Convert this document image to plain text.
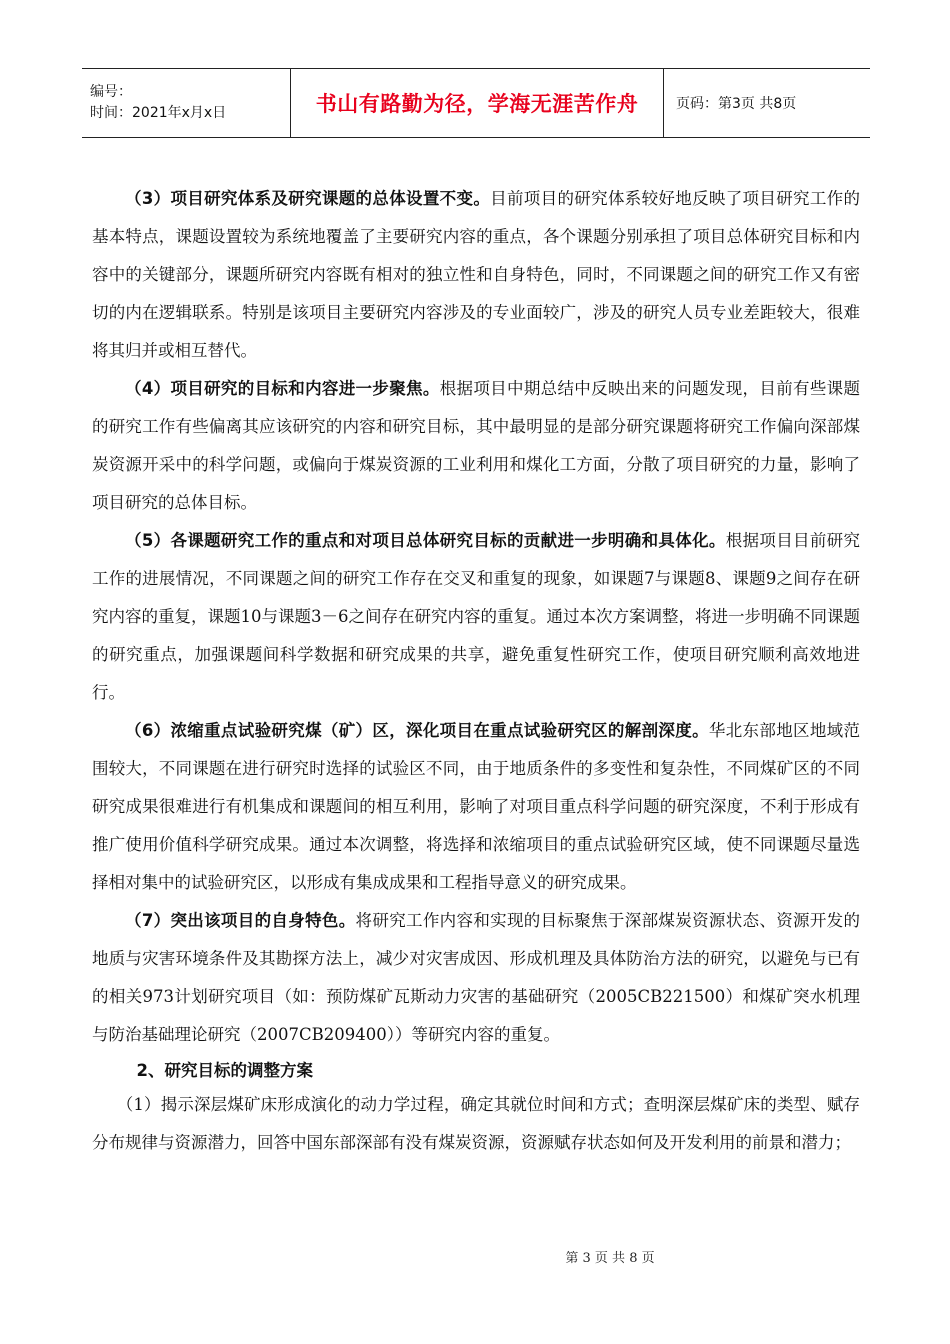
编号：
时间：2021年x月x日	书山有路勤为径，学海无涯苦作舟	页码：第3页 共8页

（3）项目研究体系及研究课题的总体设置不变。目前项目的研究体系较好地反映了项目研究工作的基本特点，课题设置较为系统地覆盖了主要研究内容的重点，各个课题分别承担了项目总体研究目标和内容中的关键部分，课题所研究内容既有相对的独立性和自身特色，同时，不同课题之间的研究工作又有密切的内在逻辑联系。特别是该项目主要研究内容涉及的专业面较广，涉及的研究人员专业差距较大，很难将其归并或相互替代。

（4）项目研究的目标和内容进一步聚焦。根据项目中期总结中反映出来的问题发现，目前有些课题的研究工作有些偏离其应该研究的内容和研究目标，其中最明显的是部分研究课题将研究工作偏向深部煤炭资源开采中的科学问题，或偏向于煤炭资源的工业利用和煤化工方面，分散了项目研究的力量，影响了项目研究的总体目标。

（5）各课题研究工作的重点和对项目总体研究目标的贡献进一步明确和具体化。根据项目目前研究工作的进展情况，不同课题之间的研究工作存在交叉和重复的现象，如课题7与课题8、课题9之间存在研究内容的重复，课题10与课题3－6之间存在研究内容的重复。通过本次方案调整，将进一步明确不同课题的研究重点，加强课题间科学数据和研究成果的共享，避免重复性研究工作，使项目研究顺利高效地进行。

（6）浓缩重点试验研究煤（矿）区，深化项目在重点试验研究区的解剖深度。华北东部地区地域范围较大，不同课题在进行研究时选择的试验区不同，由于地质条件的多变性和复杂性，不同煤矿区的不同研究成果很难进行有机集成和课题间的相互利用，影响了对项目重点科学问题的研究深度，不利于形成有推广使用价值科学研究成果。通过本次调整，将选择和浓缩项目的重点试验研究区域，使不同课题尽量选择相对集中的试验研究区，以形成有集成成果和工程指导意义的研究成果。

（7）突出该项目的自身特色。将研究工作内容和实现的目标聚焦于深部煤炭资源状态、资源开发的地质与灾害环境条件及其勘探方法上，减少对灾害成因、形成机理及具体防治方法的研究，以避免与已有的相关973计划研究项目（如：预防煤矿瓦斯动力灾害的基础研究（2005CB221500）和煤矿突水机理与防治基础理论研究（2007CB209400））等研究内容的重复。

2、研究目标的调整方案

（1）揭示深层煤矿床形成演化的动力学过程，确定其就位时间和方式；查明深层煤矿床的类型、赋存分布规律与资源潜力，回答中国东部深部有没有煤炭资源，资源赋存状态如何及开发利用的前景和潜力；

第 3 页 共 8 页
